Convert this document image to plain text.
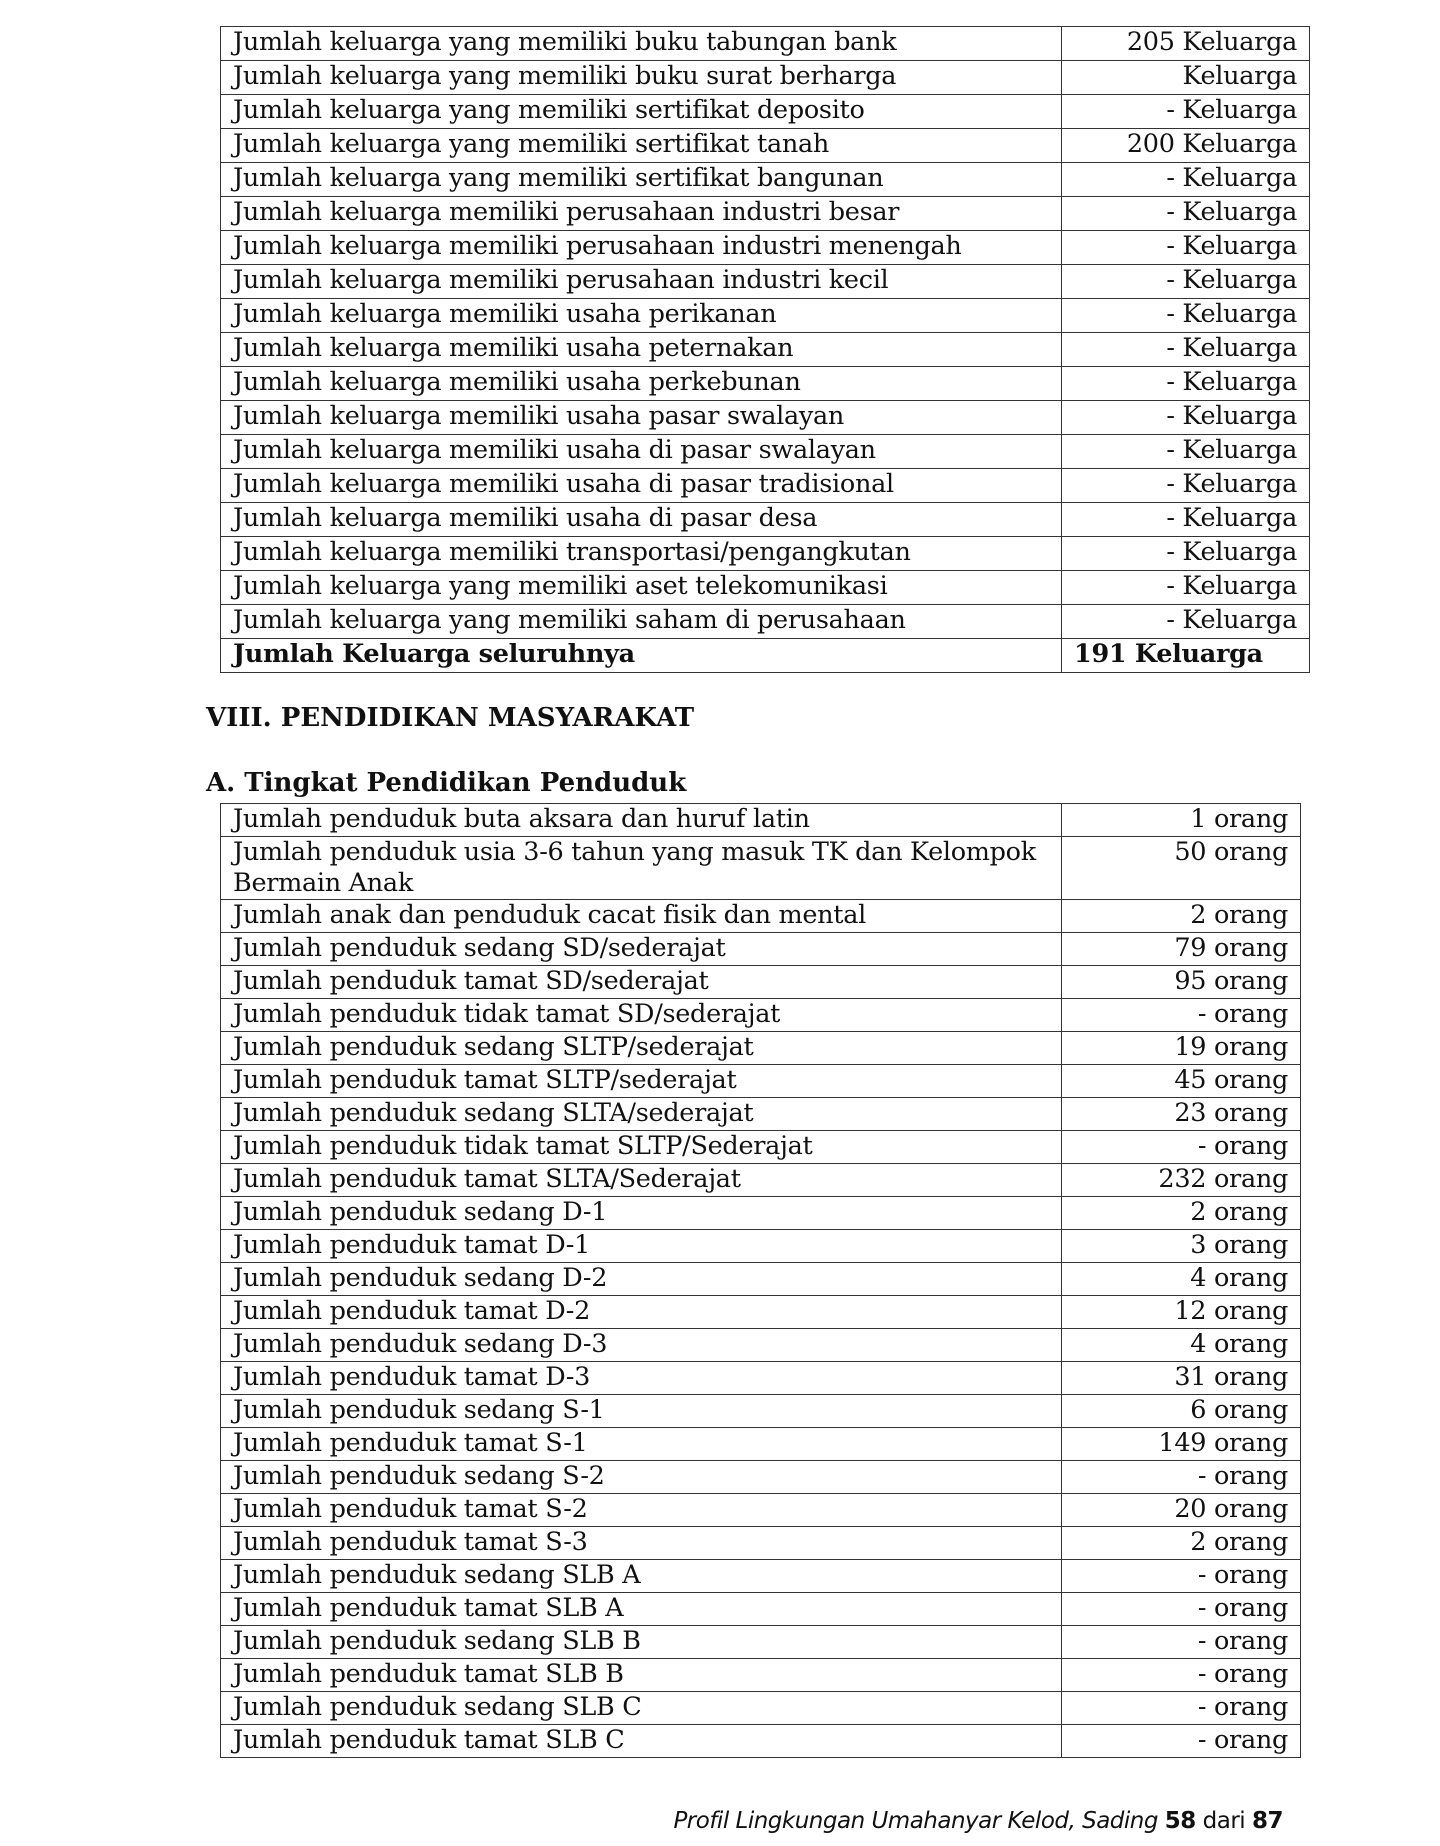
Jumlah keluarga yang memiliki buku tabungan bank	205 Keluarga
Jumlah keluarga yang memiliki buku surat berharga	Keluarga
Jumlah keluarga yang memiliki sertifikat deposito	- Keluarga
Jumlah keluarga yang memiliki sertifikat tanah	200 Keluarga
Jumlah keluarga yang memiliki sertifikat bangunan	- Keluarga
Jumlah keluarga memiliki perusahaan industri besar	- Keluarga
Jumlah keluarga memiliki perusahaan industri menengah	- Keluarga
Jumlah keluarga memiliki perusahaan industri kecil	- Keluarga
Jumlah keluarga memiliki usaha perikanan	- Keluarga
Jumlah keluarga memiliki usaha peternakan	- Keluarga
Jumlah keluarga memiliki usaha perkebunan	- Keluarga
Jumlah keluarga memiliki usaha pasar swalayan	- Keluarga
Jumlah keluarga memiliki usaha di pasar swalayan	- Keluarga
Jumlah keluarga memiliki usaha di pasar tradisional	- Keluarga
Jumlah keluarga memiliki usaha di pasar desa	- Keluarga
Jumlah keluarga memiliki transportasi/pengangkutan	- Keluarga
Jumlah keluarga yang memiliki aset telekomunikasi	- Keluarga
Jumlah keluarga yang memiliki saham di perusahaan	- Keluarga
Jumlah Keluarga seluruhnya	191 Keluarga
VIII. PENDIDIKAN MASYARAKAT
A. Tingkat Pendidikan Penduduk
Jumlah penduduk buta aksara dan huruf latin	1 orang
Jumlah penduduk usia 3-6 tahun yang masuk TK dan Kelompok Bermain Anak	50 orang
Jumlah anak dan penduduk cacat fisik dan mental	2 orang
Jumlah penduduk sedang SD/sederajat	79 orang
Jumlah penduduk tamat SD/sederajat	95 orang
Jumlah penduduk tidak tamat SD/sederajat	- orang
Jumlah penduduk sedang SLTP/sederajat	19 orang
Jumlah penduduk tamat SLTP/sederajat	45 orang
Jumlah penduduk sedang SLTA/sederajat	23 orang
Jumlah penduduk tidak tamat SLTP/Sederajat	- orang
Jumlah penduduk tamat SLTA/Sederajat	232 orang
Jumlah penduduk sedang D-1	2 orang
Jumlah penduduk tamat D-1	3 orang
Jumlah penduduk sedang D-2	4 orang
Jumlah penduduk tamat D-2	12 orang
Jumlah penduduk sedang D-3	4 orang
Jumlah penduduk tamat D-3	31 orang
Jumlah penduduk sedang S-1	6 orang
Jumlah penduduk tamat S-1	149 orang
Jumlah penduduk sedang S-2	- orang
Jumlah penduduk tamat S-2	20 orang
Jumlah penduduk tamat S-3	2 orang
Jumlah penduduk sedang SLB A	- orang
Jumlah penduduk tamat SLB A	- orang
Jumlah penduduk sedang SLB B	- orang
Jumlah penduduk tamat SLB B	- orang
Jumlah penduduk sedang SLB C	- orang
Jumlah penduduk tamat SLB C	- orang
Profil Lingkungan Umahanyar Kelod, Sading 58 dari 87
